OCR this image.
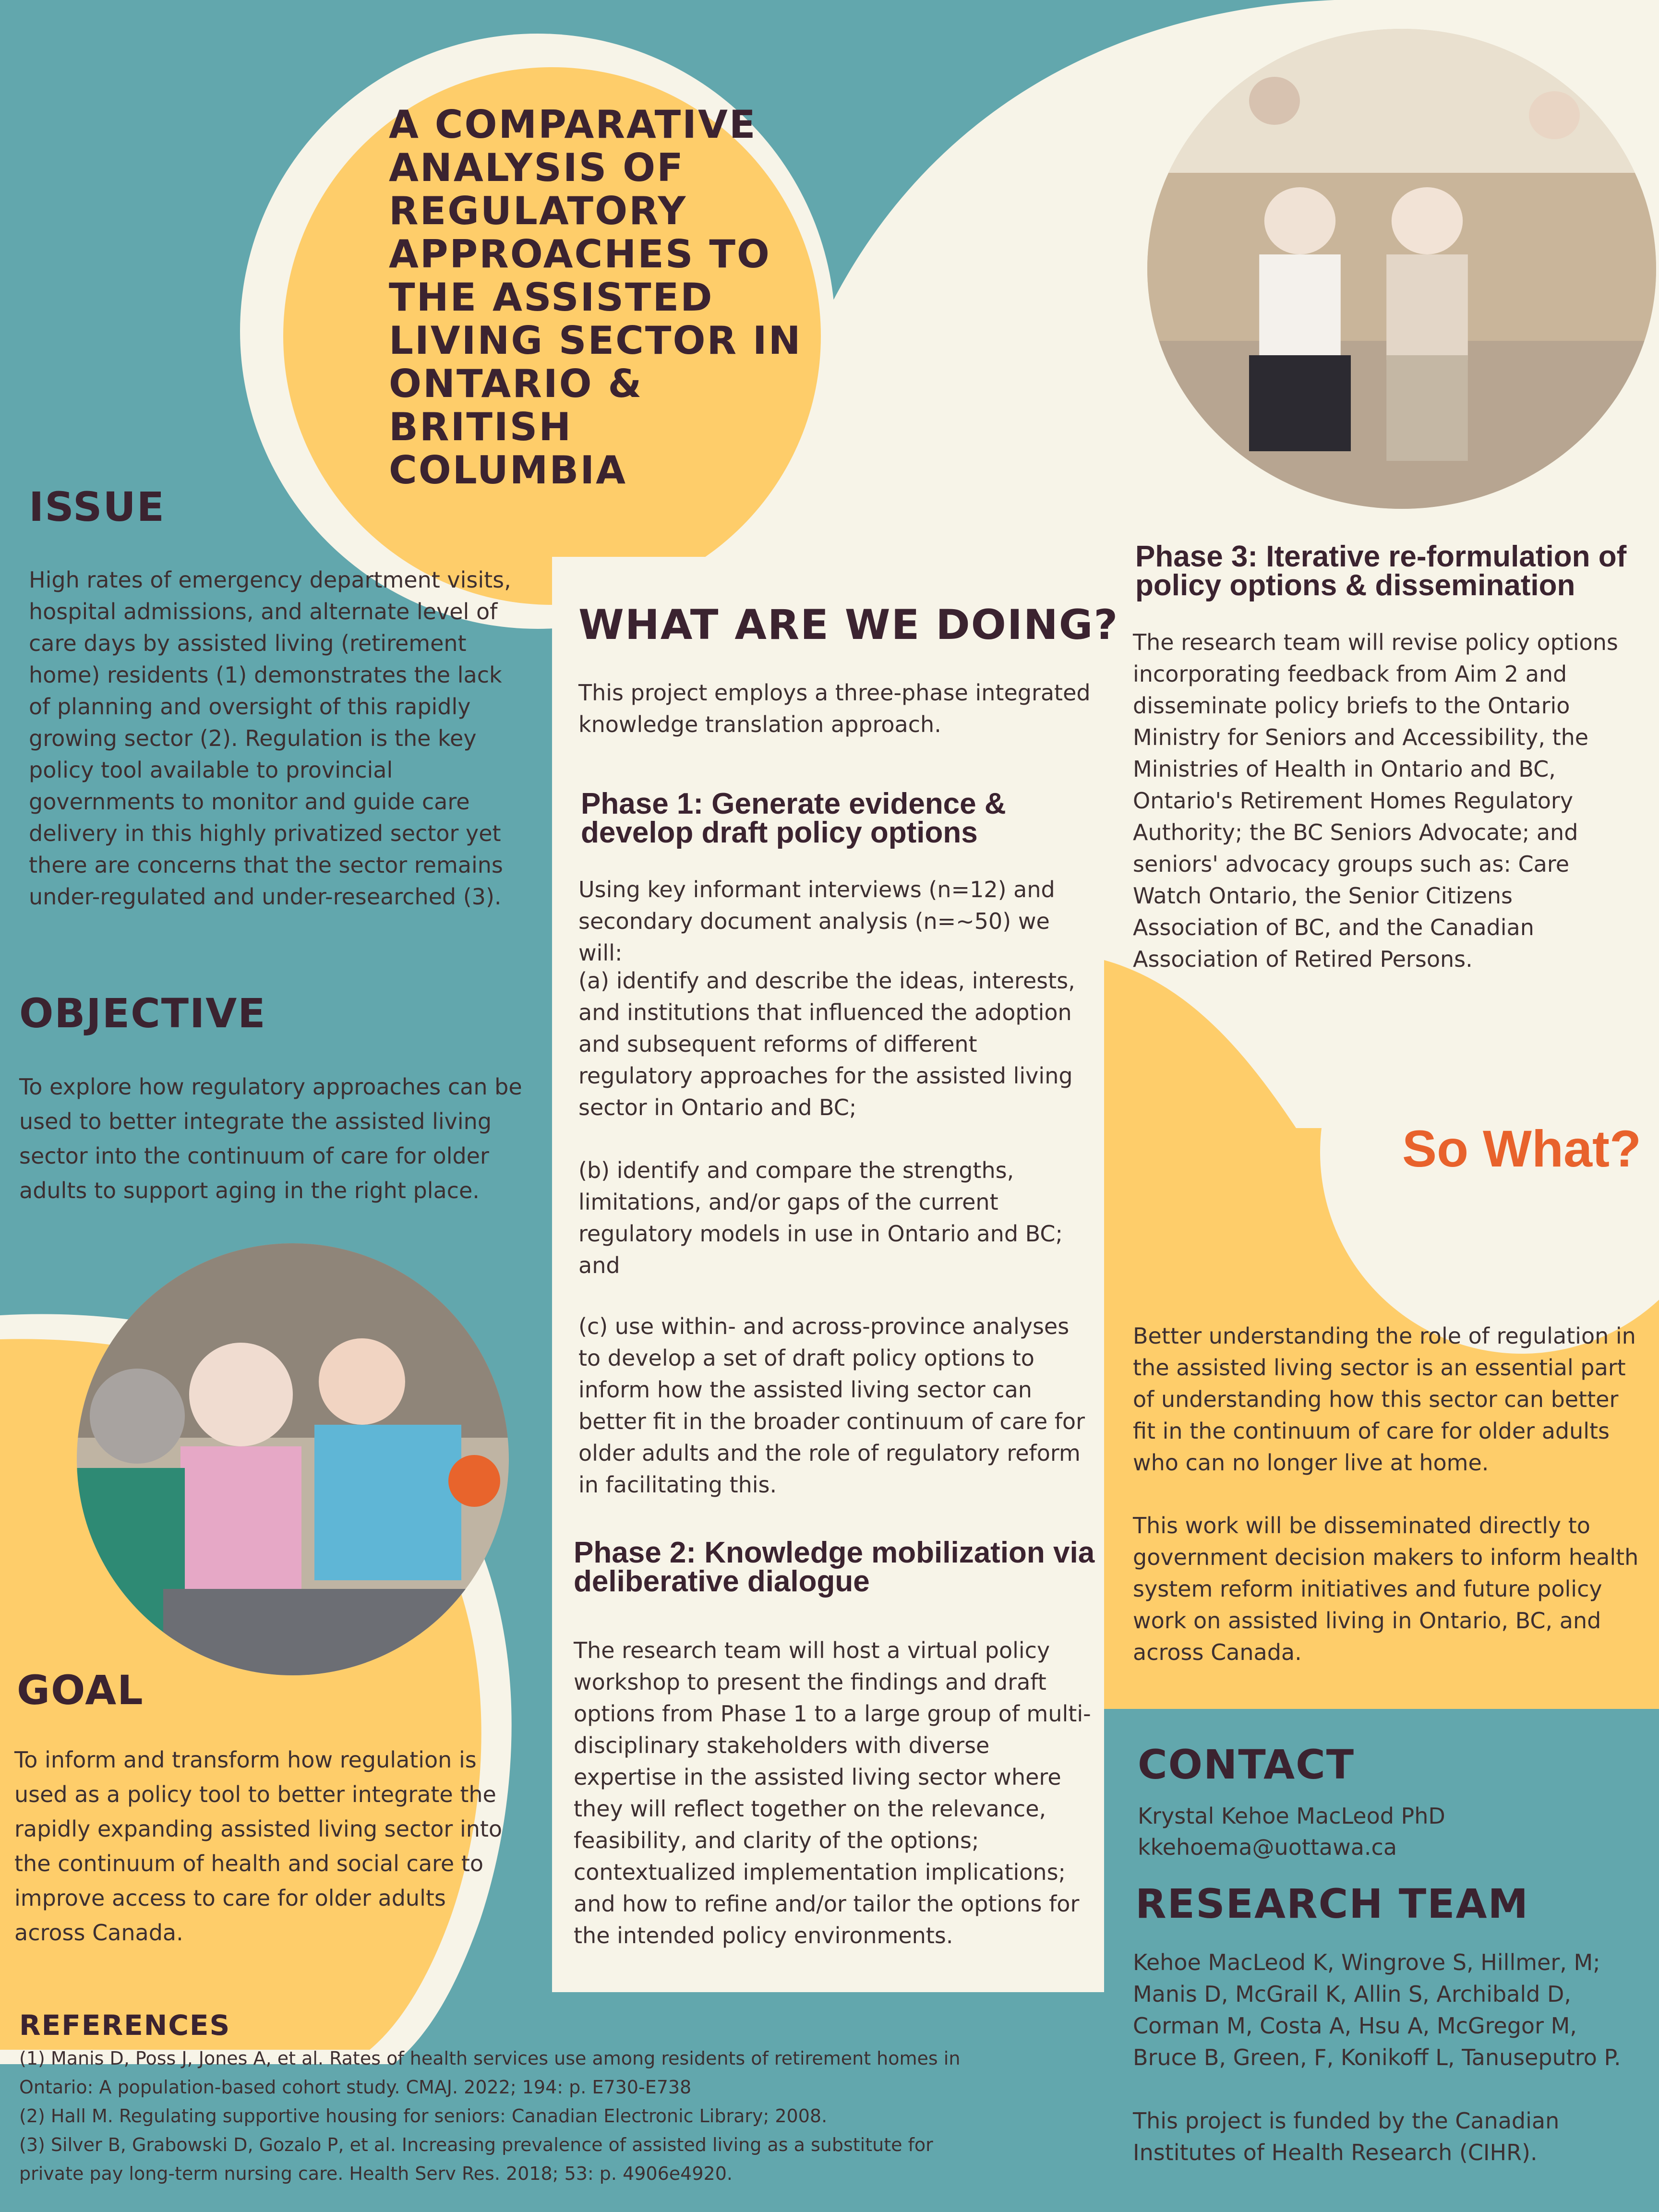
A COMPARATIVE ANALYSIS OF REGULATORY APPROACHES TO THE ASSISTED LIVING SECTOR IN ONTARIO & BRITISH COLUMBIA
ISSUE

High rates of emergency department visits, hospital admissions, and alternate level of care days by assisted living (retirement home) residents (1) demonstrates the lack of planning and oversight of this rapidly growing sector (2). Regulation is the key policy tool available to provincial governments to monitor and guide care delivery in this highly privatized sector yet there are concerns that the sector remains under-regulated and under-researched (3).

OBJECTIVE

To explore how regulatory approaches can be used to better integrate the assisted living sector into the continuum of care for older adults to support aging in the right place.

GOAL

To inform and transform how regulation is used as a policy tool to better integrate the rapidly expanding assisted living sector into the continuum of health and social care to improve access to care for older adults across Canada.

REFERENCES

(1) Manis D, Poss J, Jones A, et al. Rates of health services use among residents of retirement homes in Ontario: A population-based cohort study. CMAJ. 2022; 194: p. E730-E738

(2) Hall M. Regulating supportive housing for seniors: Canadian Electronic Library; 2008.

(3) Silver B, Grabowski D, Gozalo P, et al. Increasing prevalence of assisted living as a substitute for private pay long-term nursing care. Health Serv Res. 2018; 53: p. 4906e4920.

WHAT ARE WE DOING?

This project employs a three-phase integrated knowledge translation approach.

Phase 1: Generate evidence & develop draft policy options

Using key informant interviews (n=12) and secondary document analysis (n=~50) we will:

(a) identify and describe the ideas, interests, and institutions that influenced the adoption and subsequent reforms of different regulatory approaches for the assisted living sector in Ontario and BC;

(b) identify and compare the strengths, limitations, and/or gaps of the current regulatory models in use in Ontario and BC; and

(c) use within- and across-province analyses to develop a set of draft policy options to inform how the assisted living sector can better fit in the broader continuum of care for older adults and the role of regulatory reform in facilitating this.

Phase 2: Knowledge mobilization via deliberative dialogue

The research team will host a virtual policy workshop to present the findings and draft options from Phase 1 to a large group of multi-disciplinary stakeholders with diverse expertise in the assisted living sector where they will reflect together on the relevance, feasibility, and clarity of the options; contextualized implementation implications; and how to refine and/or tailor the options for the intended policy environments.

Phase 3: Iterative re-formulation of policy options & dissemination

The research team will revise policy options incorporating feedback from Aim 2 and disseminate policy briefs to the Ontario Ministry for Seniors and Accessibility, the Ministries of Health in Ontario and BC, Ontario's Retirement Homes Regulatory Authority; the BC Seniors Advocate; and seniors' advocacy groups such as: Care Watch Ontario, the Senior Citizens Association of BC, and the Canadian Association of Retired Persons.

So What?

Better understanding the role of regulation in the assisted living sector is an essential part of understanding how this sector can better fit in the continuum of care for older adults who can no longer live at home.

This work will be disseminated directly to government decision makers to inform health system reform initiatives and future policy work on assisted living in Ontario, BC, and across Canada.

CONTACT

Krystal Kehoe MacLeod PhD

kkehoema@uottawa.ca
RESEARCH TEAM

Kehoe MacLeod K, Wingrove S, Hillmer, M; Manis D, McGrail K, Allin S, Archibald D, Corman M, Costa A, Hsu A, McGregor M, Bruce B, Green, F, Konikoff L, Tanuseputro P.

This project is funded by the Canadian Institutes of Health Research (CIHR).
